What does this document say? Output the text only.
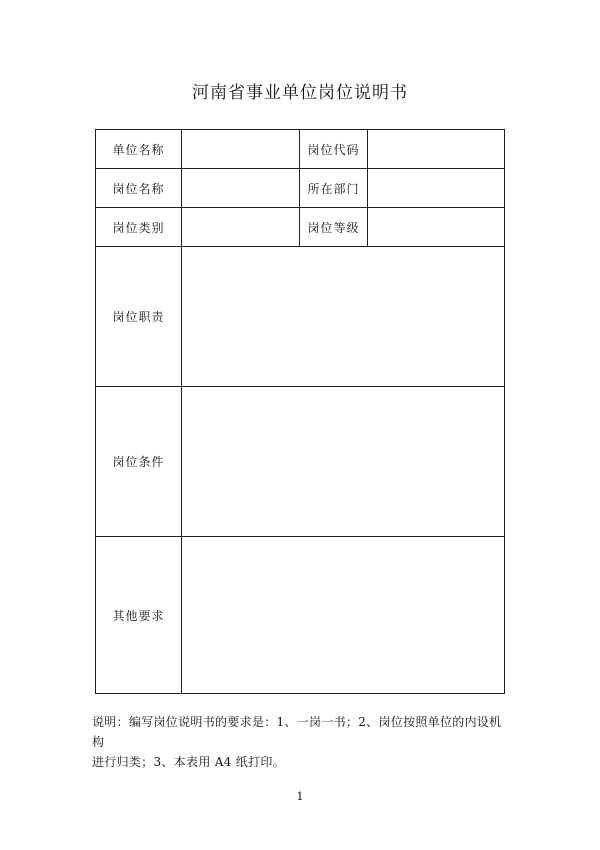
河南省事业单位岗位说明书
单位名称		岗位代码	
岗位名称		所在部门	
岗位类别		岗位等级	
岗位职责			
岗位条件			
其他要求			
说明：编写岗位说明书的要求是：1、一岗一书；2、岗位按照单位的内设机构
进行归类；3、本表用 A4 纸打印。
1
